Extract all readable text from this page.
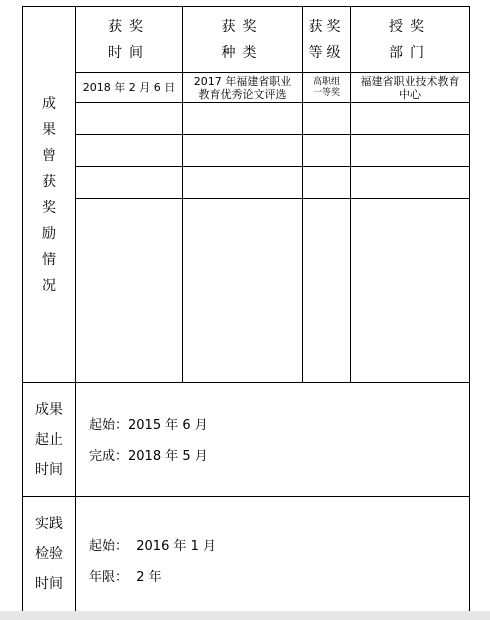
成
果
曾
获
奖
励
情
况
获奖
时间
获奖
种类
获奖
等级
授奖
部门
2018 年 2 月 6 日	2017 年福建省职业
教育优秀论文评选
高职组
一等奖
福建省职业技术教育
中心
成果
起止
时间
起始：2015 年 6 月
完成：2018 年 5 月
实践
检验
时间
起始：  2016 年 1 月
年限：  2 年
